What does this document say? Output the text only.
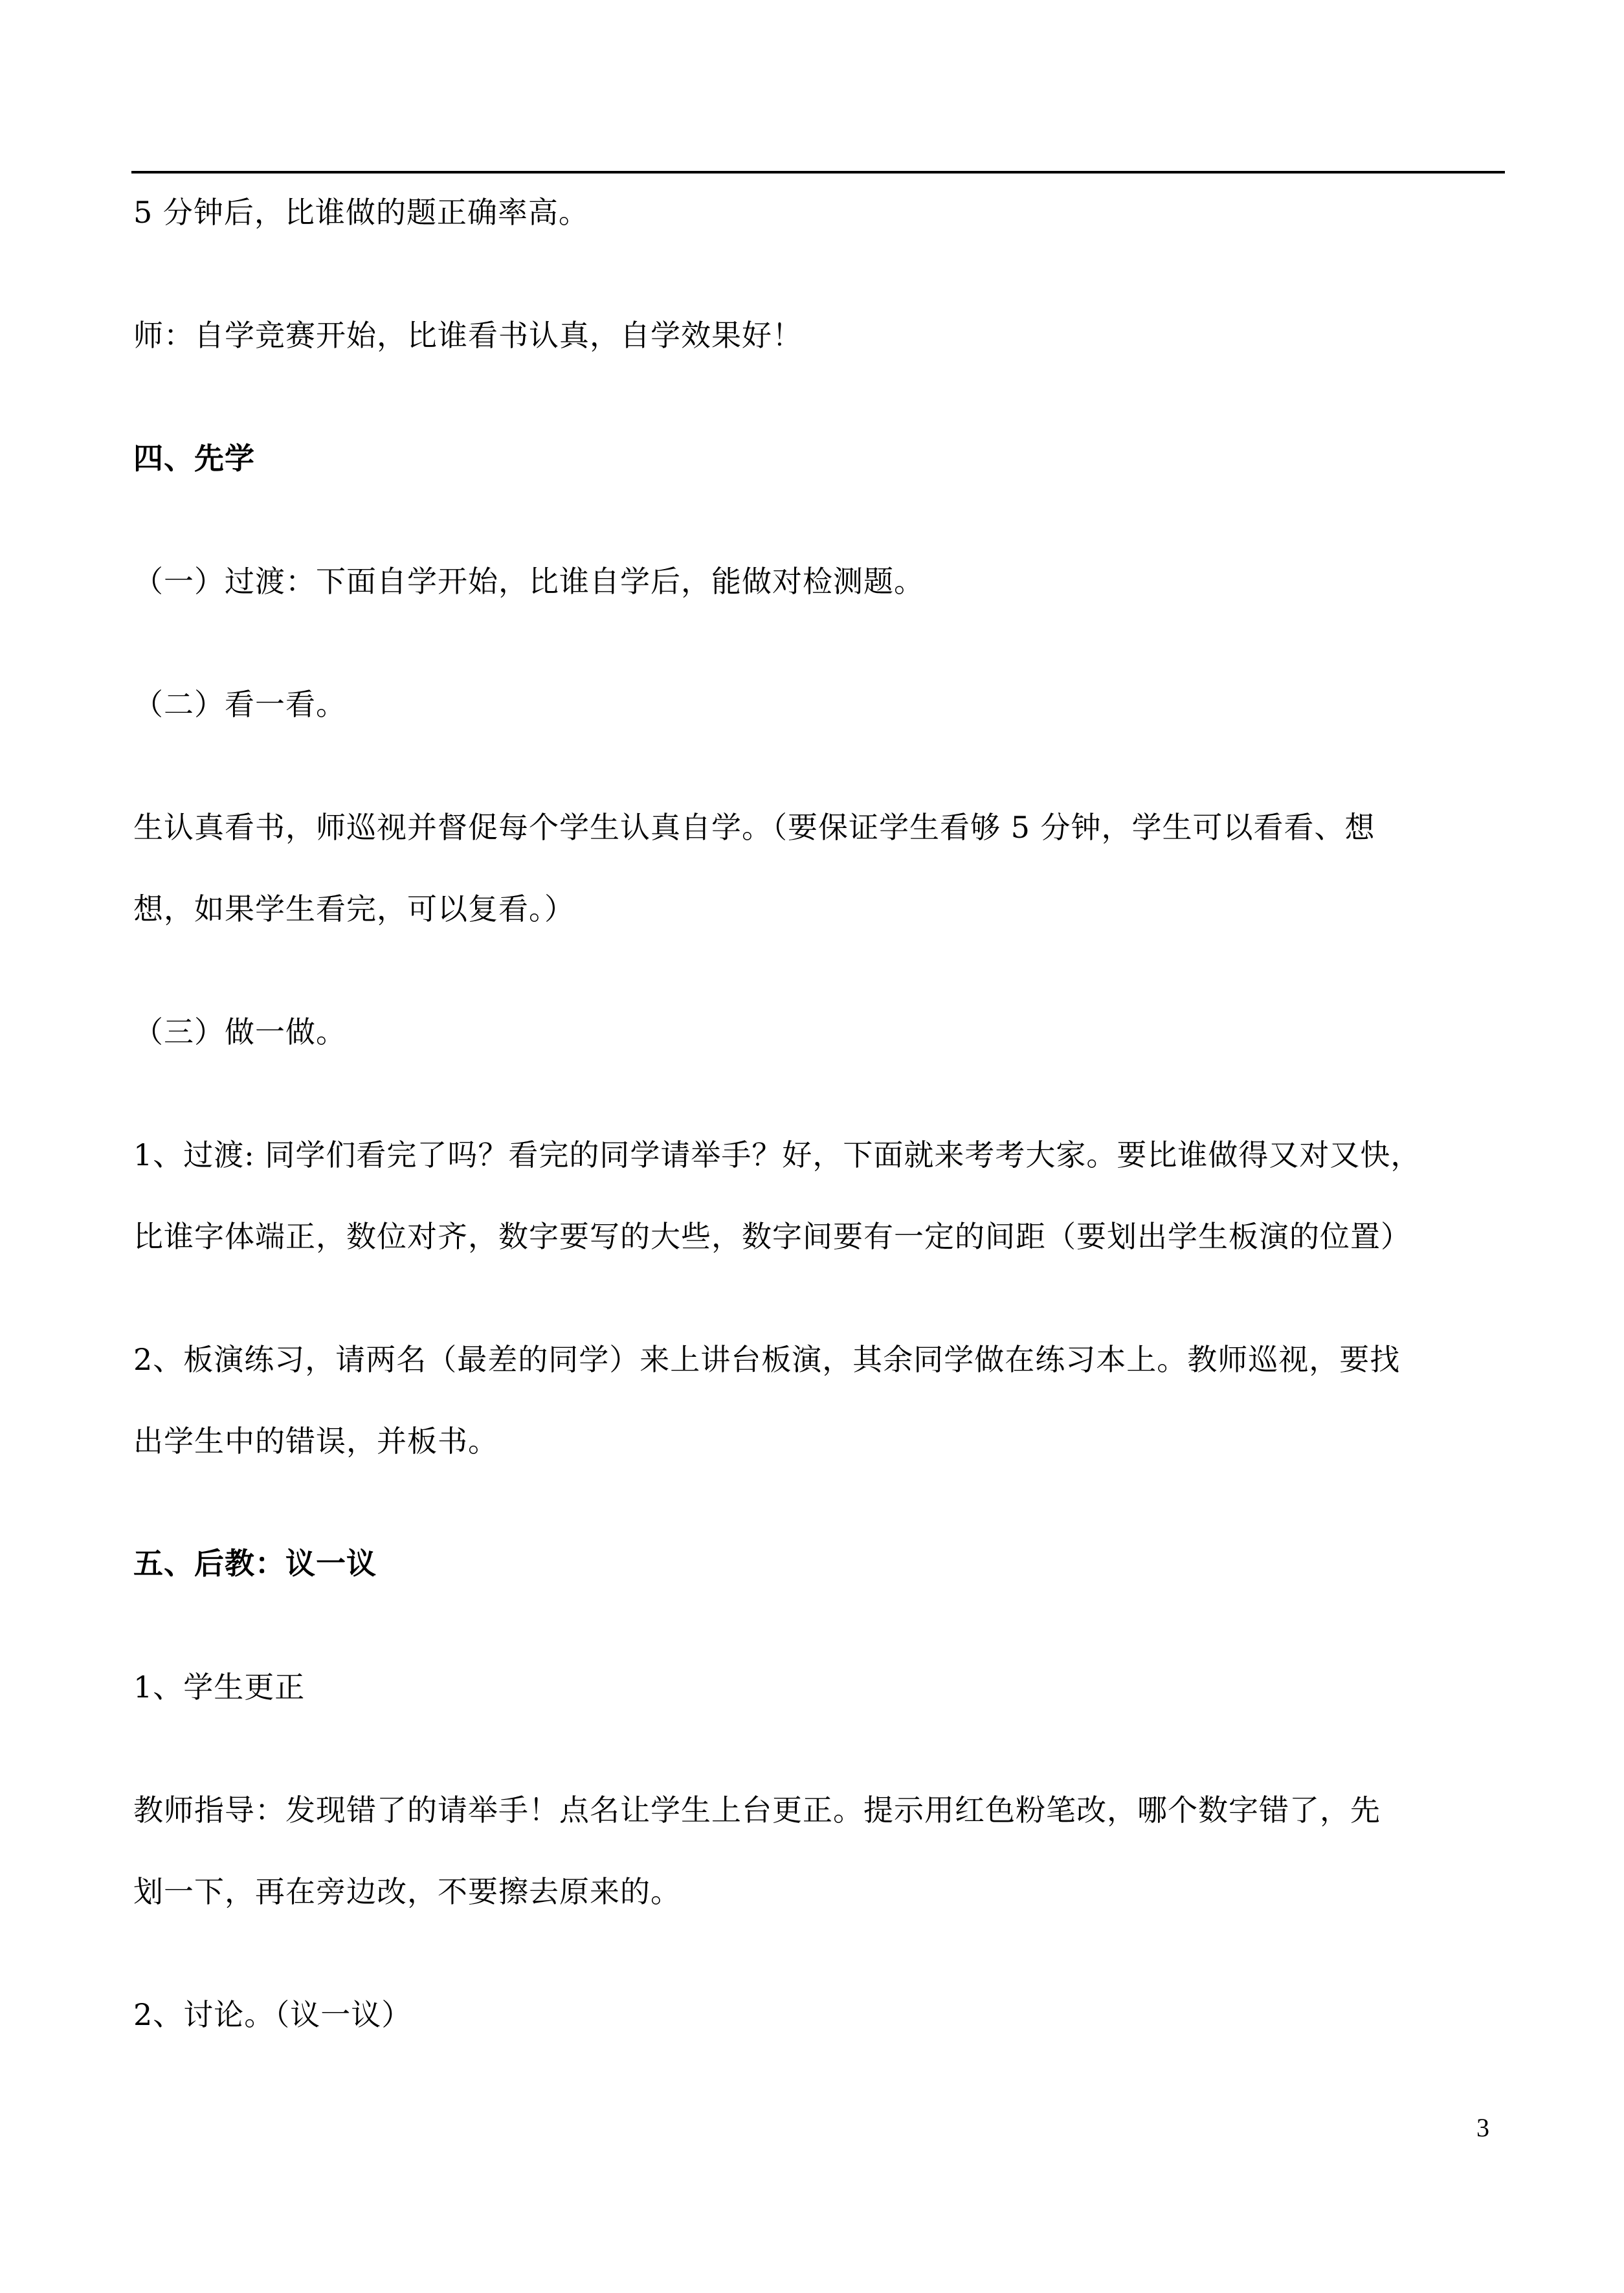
5 分钟后，比谁做的题正确率高。
师：自学竞赛开始，比谁看书认真，自学效果好！
四、先学
（一）过渡：下面自学开始，比谁自学后，能做对检测题。
（二）看一看。
生认真看书，师巡视并督促每个学生认真自学。（要保证学生看够 5 分钟，学生可以看看、想
想，如果学生看完，可以复看。）
（三）做一做。
1、过渡: 同学们看完了吗？看完的同学请举手？好，下面就来考考大家。要比谁做得又对又快，
比谁字体端正，数位对齐，数字要写的大些，数字间要有一定的间距（要划出学生板演的位置）
2、板演练习，请两名（最差的同学）来上讲台板演，其余同学做在练习本上。教师巡视，要找
出学生中的错误，并板书。
五、后教：议一议
1、学生更正
教师指导：发现错了的请举手！点名让学生上台更正。提示用红色粉笔改，哪个数字错了，先
划一下，再在旁边改，不要擦去原来的。
2、讨论。（议一议）
3
